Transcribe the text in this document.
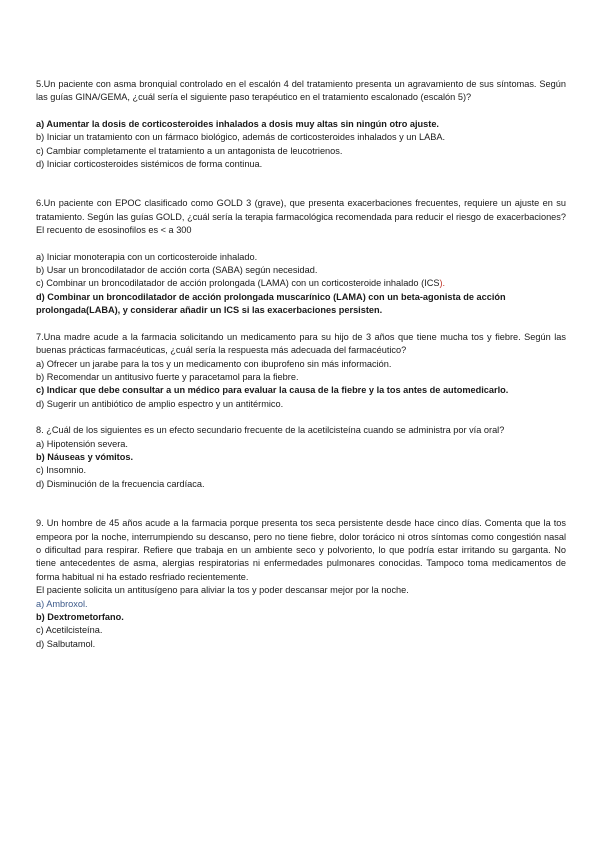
5.Un paciente con asma bronquial controlado en el escalón 4 del tratamiento presenta un agravamiento de sus síntomas. Según las guías GINA/GEMA, ¿cuál sería el siguiente paso terapéutico en el tratamiento escalonado (escalón 5)?

a) Aumentar la dosis de corticosteroides inhalados a dosis muy altas sin ningún otro ajuste.

b) Iniciar un tratamiento con un fármaco biológico, además de corticosteroides inhalados y un LABA.

c) Cambiar completamente el tratamiento a un antagonista de leucotrienos.

d) Iniciar corticosteroides sistémicos de forma continua.

6.Un paciente con EPOC clasificado como GOLD 3 (grave), que presenta exacerbaciones frecuentes, requiere un ajuste en su tratamiento. Según las guías GOLD, ¿cuál sería la terapia farmacológica recomendada para reducir el riesgo de exacerbaciones? El recuento de esosinofilos es < a 300

a) Iniciar monoterapia con un corticosteroide inhalado.

b) Usar un broncodilatador de acción corta (SABA) según necesidad.

c) Combinar un broncodilatador de acción prolongada (LAMA) con un corticosteroide inhalado (ICS).

d) Combinar un broncodilatador de acción prolongada muscarínico (LAMA) con un beta-agonista de acción prolongada(LABA), y considerar añadir un ICS si las exacerbaciones persisten.

7.Una madre acude a la farmacia solicitando un medicamento para su hijo de 3 años que tiene mucha tos y fiebre. Según las buenas prácticas farmacéuticas, ¿cuál sería la respuesta más adecuada del farmacéutico?

a) Ofrecer un jarabe para la tos y un medicamento con ibuprofeno sin más información.

b) Recomendar un antitusivo fuerte y paracetamol para la fiebre.

c) Indicar que debe consultar a un médico para evaluar la causa de la fiebre y la tos antes de automedicarlo.

d) Sugerir un antibiótico de amplio espectro y un antitérmico.

8. ¿Cuál de los siguientes es un efecto secundario frecuente de la acetilcisteína cuando se administra por vía oral?

a) Hipotensión severa.

b) Náuseas y vómitos.

c) Insomnio.

d) Disminución de la frecuencia cardíaca.

9. Un hombre de 45 años acude a la farmacia porque presenta tos seca persistente desde hace cinco días. Comenta que la tos empeora por la noche, interrumpiendo su descanso, pero no tiene fiebre, dolor torácico ni otros síntomas como congestión nasal o dificultad para respirar. Refiere que trabaja en un ambiente seco y polvoriento, lo que podría estar irritando su garganta. No tiene antecedentes de asma, alergias respiratorias ni enfermedades pulmonares conocidas. Tampoco toma medicamentos de forma habitual ni ha estado resfriado recientemente.

El paciente solicita un antitusígeno para aliviar la tos y poder descansar mejor por la noche.

a) Ambroxol.

b) Dextrometorfano.

c) Acetilcisteína.

d) Salbutamol.
